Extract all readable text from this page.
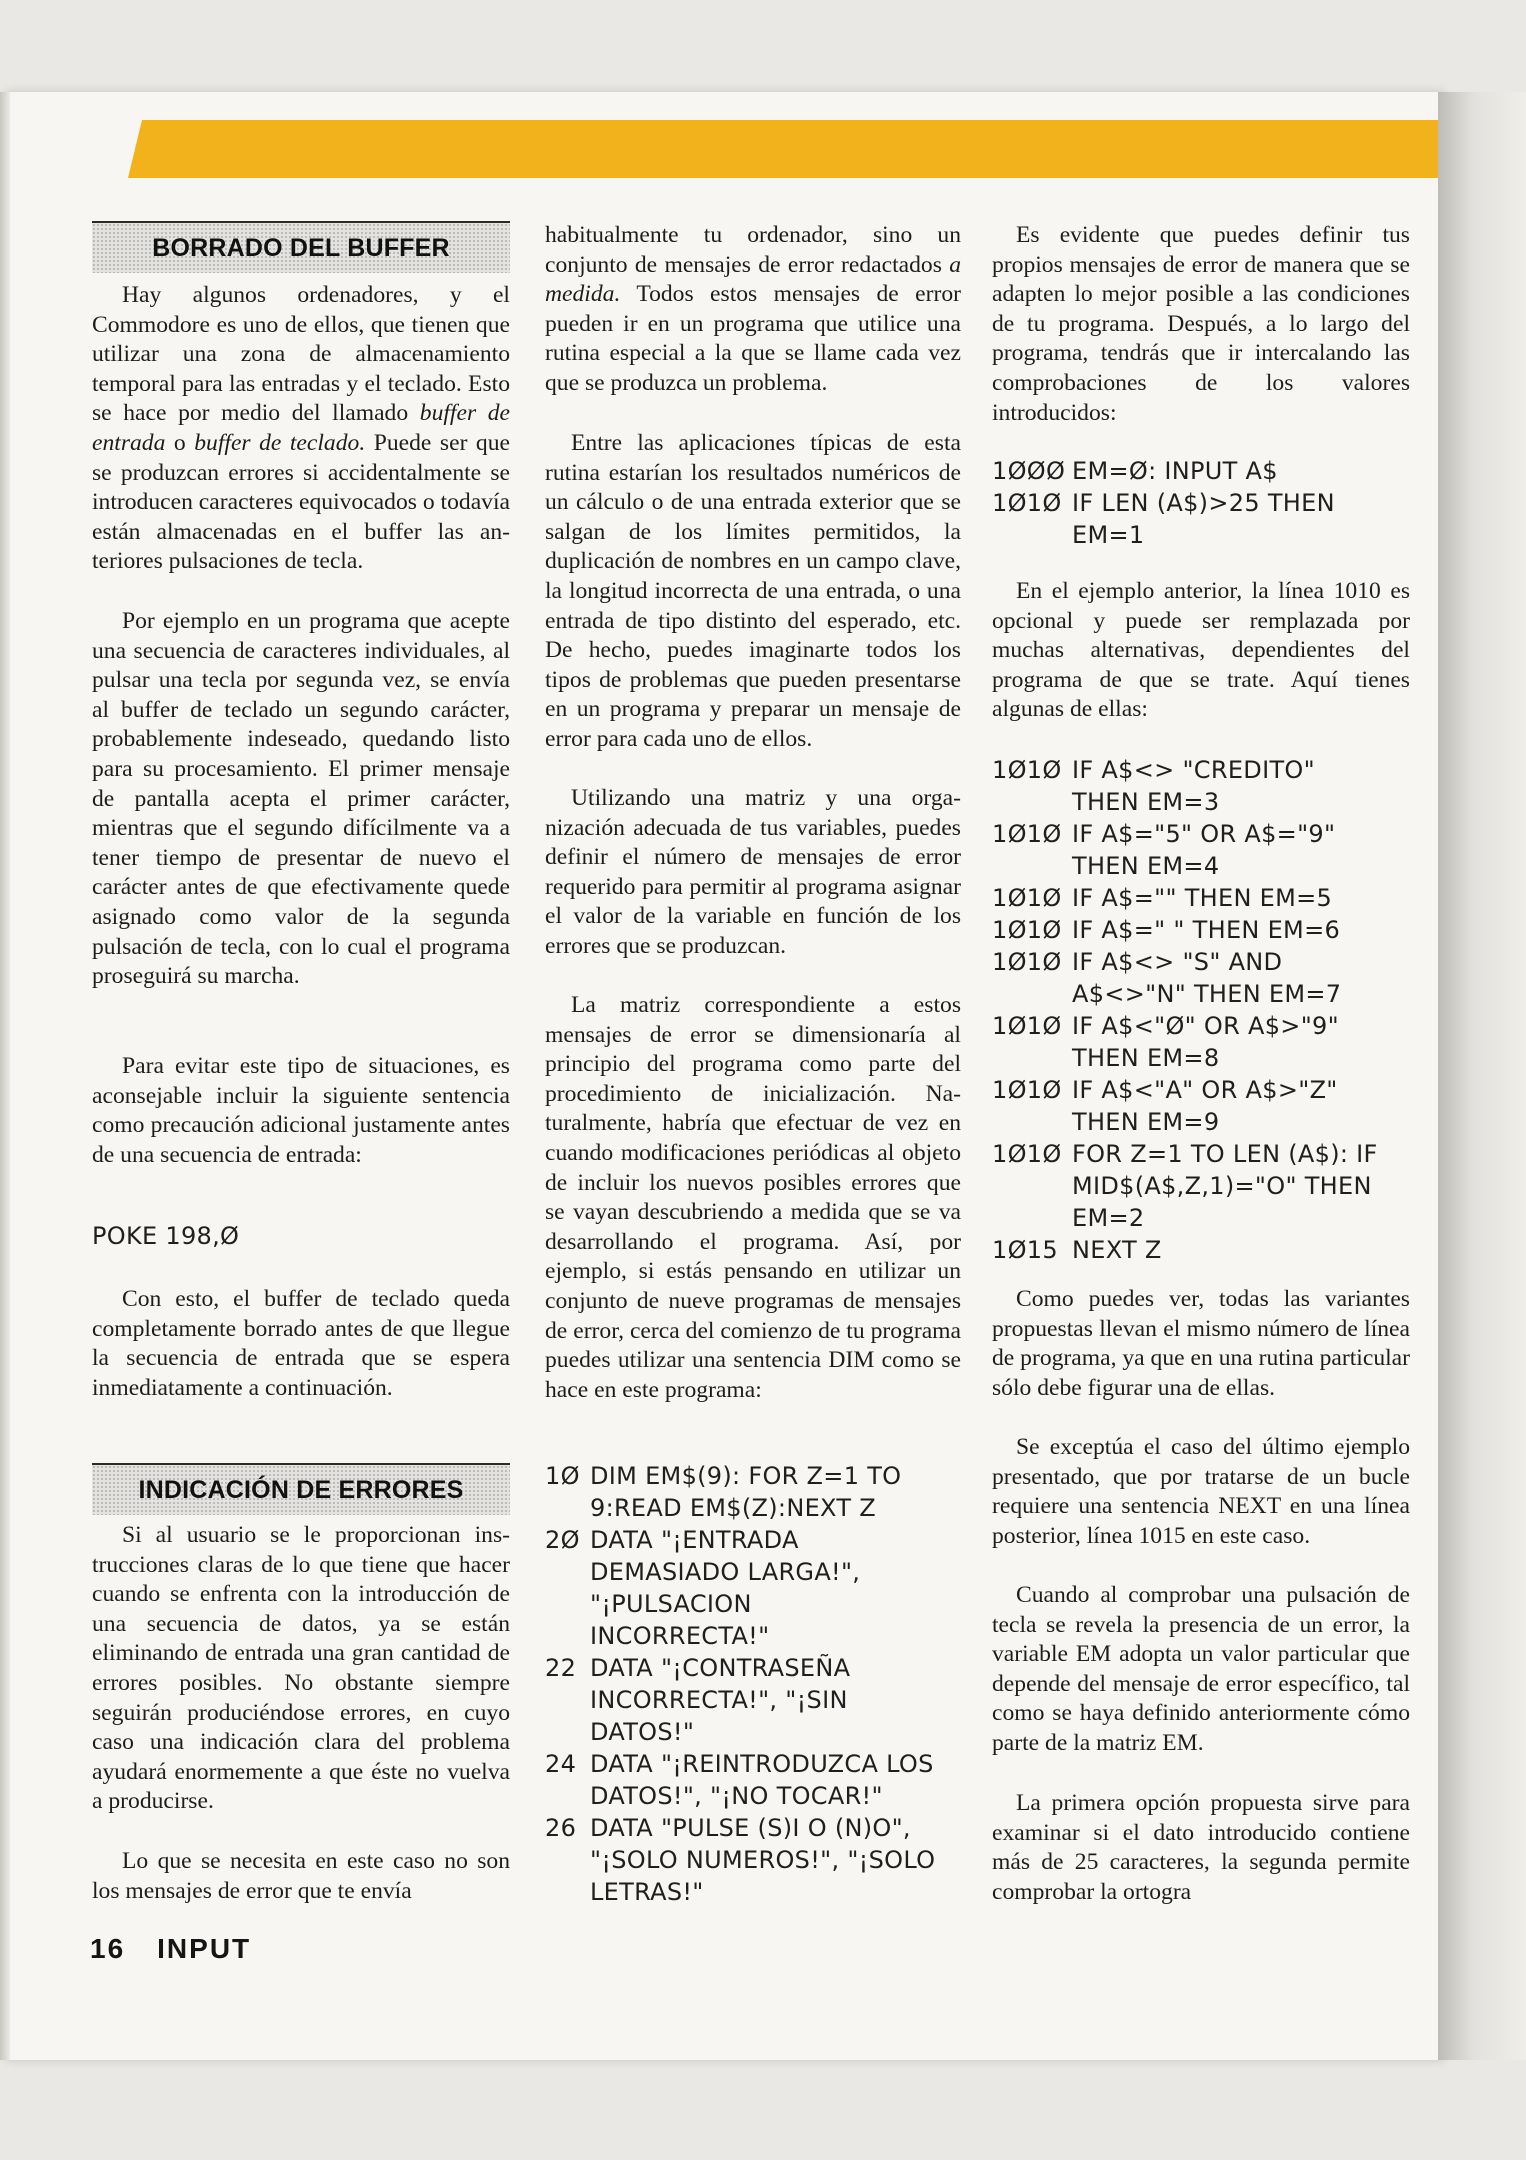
BORRADO DEL BUFFER

Hay algunos ordenadores, y el Commodore es uno de ellos, que tienen que utilizar una zona de almacenamiento temporal para las entradas y el teclado. Esto se hace por medio del llamado buffer de entrada o buffer de teclado. Puede ser que se produzcan errores si accidentalmente se introducen caracteres equivocados o todavía están almacenadas en el buffer las anteriores pulsaciones de tecla.

Por ejemplo en un programa que acepte una secuencia de caracteres individuales, al pulsar una tecla por segunda vez, se envía al buffer de teclado un segundo carácter, probablemente indeseado, quedando listo para su procesamiento. El primer mensaje de pantalla acepta el primer carácter, mientras que el segundo difícilmente va a tener tiempo de presentar de nuevo el carácter antes de que efectivamente quede asignado como valor de la segunda pulsación de tecla, con lo cual el programa proseguirá su marcha.

Para evitar este tipo de situaciones, es aconsejable incluir la siguiente sentencia como precaución adicional justamente antes de una secuencia de entrada:

POKE 198,Ø

Con esto, el buffer de teclado queda completamente borrado antes de que llegue la secuencia de entrada que se espera inmediatamente a continuación.

INDICACIÓN DE ERRORES

Si al usuario se le proporcionan instrucciones claras de lo que tiene que hacer cuando se enfrenta con la introducción de una secuencia de datos, ya se están eliminando de entrada una gran cantidad de errores posibles. No obstante siempre seguirán produciéndose errores, en cuyo caso una indicación clara del problema ayudará enormemente a que éste no vuelva a producirse.

Lo que se necesita en este caso no son los mensajes de error que te envía

habitualmente tu ordenador, sino un conjunto de mensajes de error redactados a medida. Todos estos mensajes de error pueden ir en un programa que utilice una rutina especial a la que se llame cada vez que se produzca un problema.

Entre las aplicaciones típicas de esta rutina estarían los resultados numéricos de un cálculo o de una entrada exterior que se salgan de los límites permitidos, la duplicación de nombres en un campo clave, la longitud incorrecta de una entrada, o una entrada de tipo distinto del esperado, etc. De hecho, puedes imaginarte todos los tipos de problemas que pueden presentarse en un programa y preparar un mensaje de error para cada uno de ellos.

Utilizando una matriz y una organización adecuada de tus variables, puedes definir el número de mensajes de error requerido para permitir al programa asignar el valor de la variable en función de los errores que se produzcan.

La matriz correspondiente a estos mensajes de error se dimensionaría al principio del programa como parte del procedimiento de inicialización. Naturalmente, habría que efectuar de vez en cuando modificaciones periódicas al objeto de incluir los nuevos posibles errores que se vayan descubriendo a medida que se va desarrollando el programa. Así, por ejemplo, si estás pensando en utilizar un conjunto de nueve programas de mensajes de error, cerca del comienzo de tu programa puedes utilizar una sentencia DIM como se hace en este programa:

1Ø DIM EM$(9): FOR Z=1 TO
9:READ EM$(Z):NEXT Z
2Ø DATA "¡ENTRADA
DEMASIADO LARGA!",
"¡PULSACION
INCORRECTA!"
22 DATA "¡CONTRASEÑA
INCORRECTA!", "¡SIN
DATOS!"
24 DATA "¡REINTRODUZCA LOS
DATOS!", "¡NO TOCAR!"
26 DATA "PULSE (S)I O (N)O",
"¡SOLO NUMEROS!", "¡SOLO
LETRAS!"

Es evidente que puedes definir tus propios mensajes de error de manera que se adapten lo mejor posible a las condiciones de tu programa. Después, a lo largo del programa, tendrás que ir intercalando las comprobaciones de los valores introducidos:

1ØØØ EM=Ø: INPUT A$
1Ø1Ø IF LEN (A$)>25 THEN
EM=1

En el ejemplo anterior, la línea 1010 es opcional y puede ser remplazada por muchas alternativas, dependientes del programa de que se trate. Aquí tienes algunas de ellas:

1Ø1Ø IF A$<> "CREDITO"
THEN EM=3
1Ø1Ø IF A$="5" OR A$="9"
THEN EM=4
1Ø1Ø IF A$="" THEN EM=5
1Ø1Ø IF A$=" " THEN EM=6
1Ø1Ø IF A$<> "S" AND
A$<>"N" THEN EM=7
1Ø1Ø IF A$<"Ø" OR A$>"9"
THEN EM=8
1Ø1Ø IF A$<"A" OR A$>"Z"
THEN EM=9
1Ø1Ø FOR Z=1 TO LEN (A$): IF
MID$(A$,Z,1)="O" THEN
EM=2
1Ø15 NEXT Z

Como puedes ver, todas las variantes propuestas llevan el mismo número de línea de programa, ya que en una rutina particular sólo debe figurar una de ellas.

Se exceptúa el caso del último ejemplo presentado, que por tratarse de un bucle requiere una sentencia NEXT en una línea posterior, línea 1015 en este caso.

Cuando al comprobar una pulsación de tecla se revela la presencia de un error, la variable EM adopta un valor particular que depende del mensaje de error específico, tal como se haya definido anteriormente cómo parte de la matriz EM.

La primera opción propuesta sirve para examinar si el dato introducido contiene más de 25 caracteres, la segunda permite comprobar la ortogra

16 INPUT
